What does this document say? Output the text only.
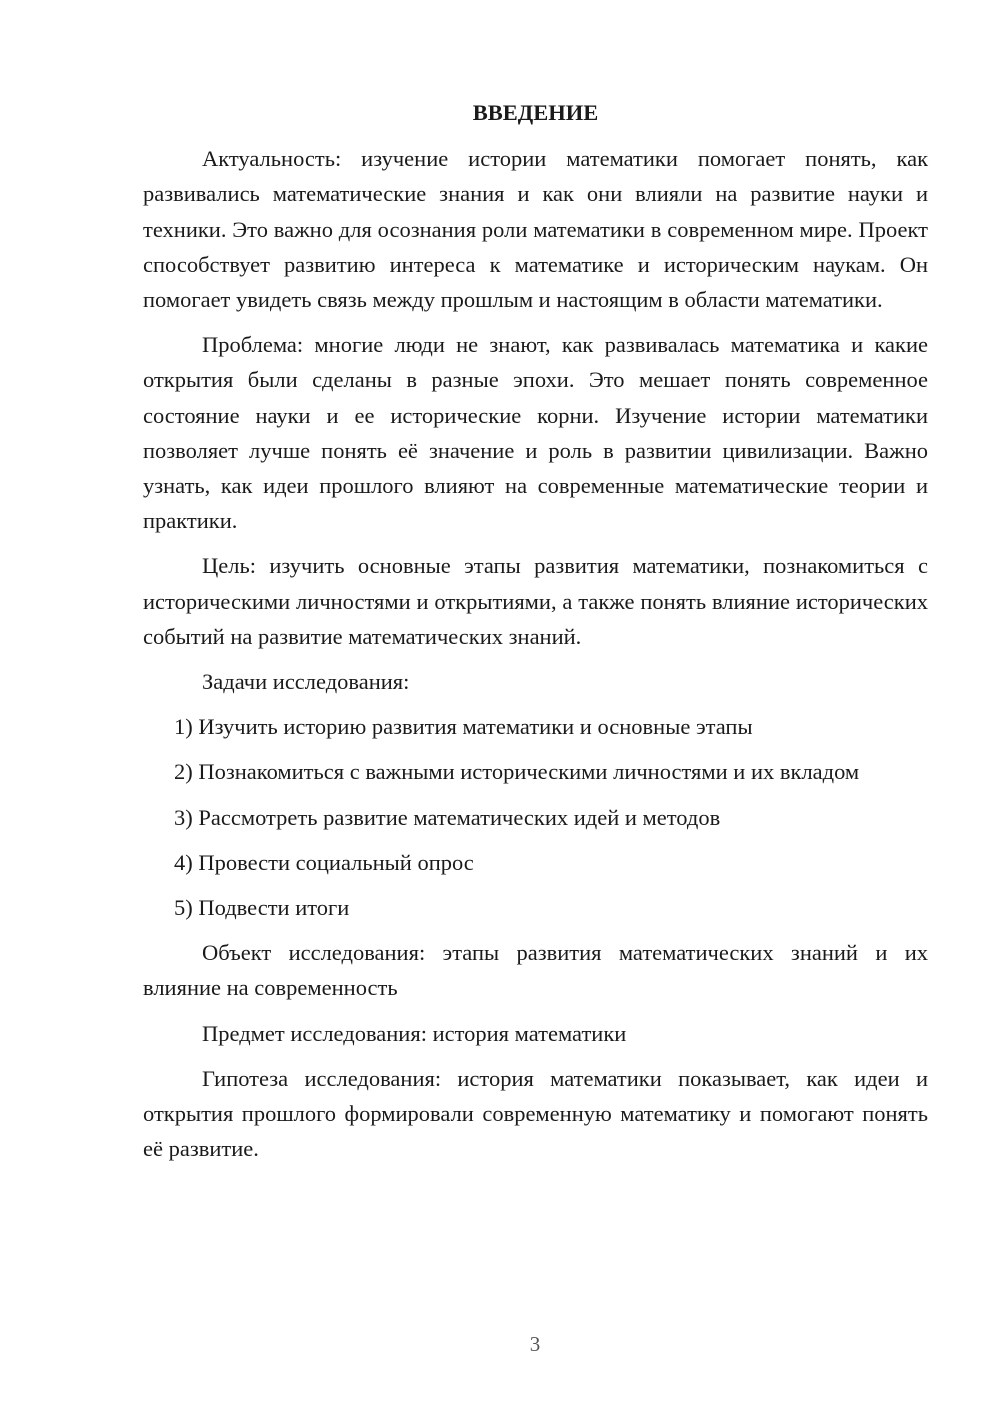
ВВЕДЕНИЕ

Актуальность: изучение истории математики помогает понять, как развивались математические знания и как они влияли на развитие науки и техники. Это важно для осознания роли математики в современном мире. Проект способствует развитию интереса к математике и историческим наукам. Он помогает увидеть связь между прошлым и настоящим в области математики.

Проблема: многие люди не знают, как развивалась математика и какие открытия были сделаны в разные эпохи. Это мешает понять современное состояние науки и ее исторические корни. Изучение истории математики позволяет лучше понять её значение и роль в развитии цивилизации. Важно узнать, как идеи прошлого влияют на современные математические теории и практики.

Цель: изучить основные этапы развития математики, познакомиться с историческими личностями и открытиями, а также понять влияние исторических событий на развитие математических знаний.

Задачи исследования:

1) Изучить историю развития математики и основные этапы

2) Познакомиться с важными историческими личностями и их вкладом

3) Рассмотреть развитие математических идей и методов

4) Провести социальный опрос

5) Подвести итоги

Объект исследования: этапы развития математических знаний и их влияние на современность

Предмет исследования: история математики

Гипотеза исследования: история математики показывает, как идеи и открытия прошлого формировали современную математику и помогают понять её развитие.

3
